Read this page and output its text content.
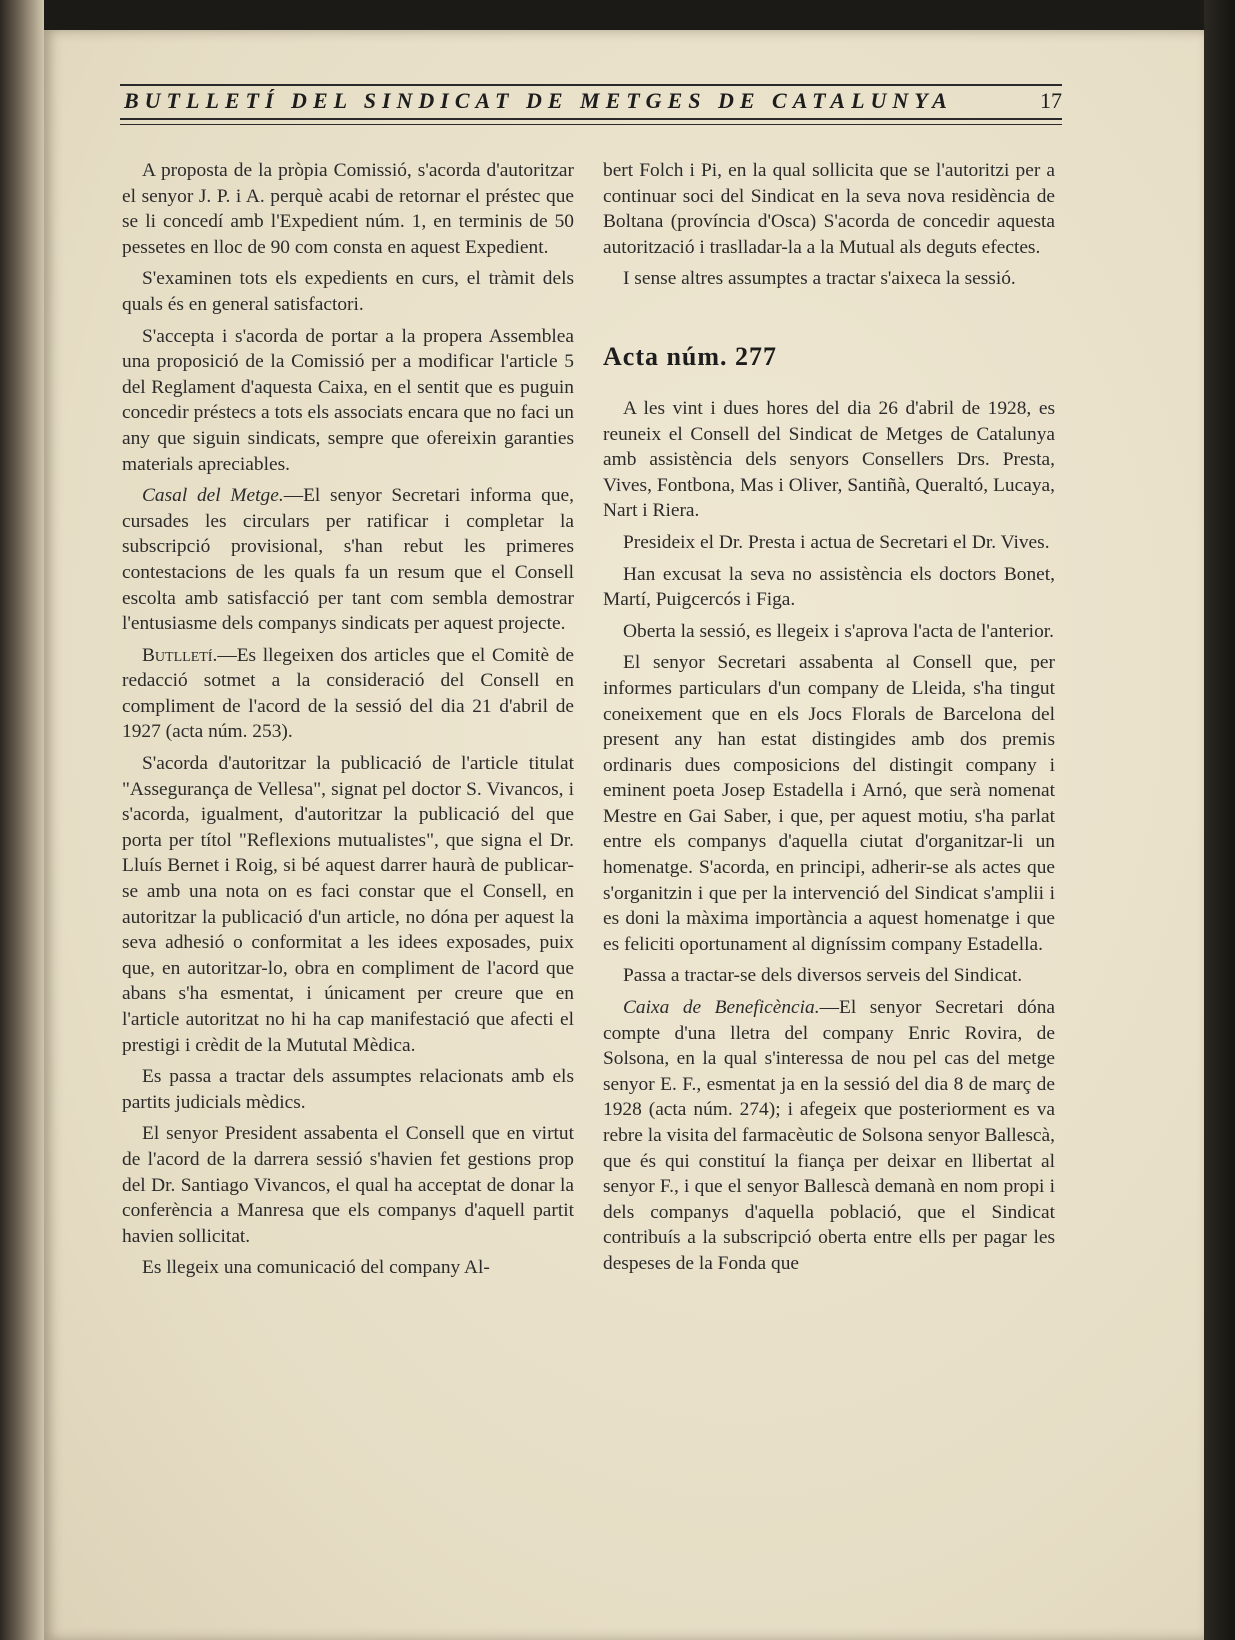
BUTLLETÍ DEL SINDICAT DE METGES DE CATALUNYA	17

A proposta de la pròpia Comissió, s'acorda d'autoritzar el senyor J. P. i A. perquè acabi de retornar el préstec que se li concedí amb l'Expedient núm. 1, en terminis de 50 pessetes en lloc de 90 com consta en aquest Expedient.

S'examinen tots els expedients en curs, el tràmit dels quals és en general satisfactori.

S'accepta i s'acorda de portar a la propera Assemblea una proposició de la Comissió per a modificar l'article 5 del Reglament d'aquesta Caixa, en el sentit que es puguin concedir préstecs a tots els associats encara que no faci un any que siguin sindicats, sempre que ofereixin garanties materials apreciables.

Casal del Metge.—El senyor Secretari informa que, cursades les circulars per ratificar i completar la subscripció provisional, s'han rebut les primeres contestacions de les quals fa un resum que el Consell escolta amb satisfacció per tant com sembla demostrar l'entusiasme dels companys sindicats per aquest projecte.

Butlletí.—Es llegeixen dos articles que el Comitè de redacció sotmet a la consideració del Consell en compliment de l'acord de la sessió del dia 21 d'abril de 1927 (acta núm. 253).

S'acorda d'autoritzar la publicació de l'article titulat "Assegurança de Vellesa", signat pel doctor S. Vivancos, i s'acorda, igualment, d'autoritzar la publicació del que porta per títol "Reflexions mutualistes", que signa el Dr. Lluís Bernet i Roig, si bé aquest darrer haurà de publicar-se amb una nota on es faci constar que el Consell, en autoritzar la publicació d'un article, no dóna per aquest la seva adhesió o conformitat a les idees exposades, puix que, en autoritzar-lo, obra en compliment de l'acord que abans s'ha esmentat, i únicament per creure que en l'article autoritzat no hi ha cap manifestació que afecti el prestigi i crèdit de la Mututal Mèdica.

Es passa a tractar dels assumptes relacionats amb els partits judicials mèdics.

El senyor President assabenta el Consell que en virtut de l'acord de la darrera sessió s'havien fet gestions prop del Dr. Santiago Vivancos, el qual ha acceptat de donar la conferència a Manresa que els companys d'aquell partit havien sollicitat.

Es llegeix una comunicació del company Al-

bert Folch i Pi, en la qual sollicita que se l'autoritzi per a continuar soci del Sindicat en la seva nova residència de Boltana (província d'Osca) S'acorda de concedir aquesta autorització i traslladar-la a la Mutual als deguts efectes.

I sense altres assumptes a tractar s'aixeca la sessió.

Acta núm. 277

A les vint i dues hores del dia 26 d'abril de 1928, es reuneix el Consell del Sindicat de Metges de Catalunya amb assistència dels senyors Consellers Drs. Presta, Vives, Fontbona, Mas i Oliver, Santiñà, Queraltó, Lucaya, Nart i Riera.

Presideix el Dr. Presta i actua de Secretari el Dr. Vives.

Han excusat la seva no assistència els doctors Bonet, Martí, Puigcercós i Figa.

Oberta la sessió, es llegeix i s'aprova l'acta de l'anterior.

El senyor Secretari assabenta al Consell que, per informes particulars d'un company de Lleida, s'ha tingut coneixement que en els Jocs Florals de Barcelona del present any han estat distingides amb dos premis ordinaris dues composicions del distingit company i eminent poeta Josep Estadella i Arnó, que serà nomenat Mestre en Gai Saber, i que, per aquest motiu, s'ha parlat entre els companys d'aquella ciutat d'organitzar-li un homenatge. S'acorda, en principi, adherir-se als actes que s'organitzin i que per la intervenció del Sindicat s'amplii i es doni la màxima importància a aquest homenatge i que es feliciti oportunament al digníssim company Estadella.

Passa a tractar-se dels diversos serveis del Sindicat.

Caixa de Beneficència.—El senyor Secretari dóna compte d'una lletra del company Enric Rovira, de Solsona, en la qual s'interessa de nou pel cas del metge senyor E. F., esmentat ja en la sessió del dia 8 de març de 1928 (acta núm. 274); i afegeix que posteriorment es va rebre la visita del farmacèutic de Solsona senyor Ballescà, que és qui constituí la fiança per deixar en llibertat al senyor F., i que el senyor Ballescà demanà en nom propi i dels companys d'aquella població, que el Sindicat contribuís a la subscripció oberta entre ells per pagar les despeses de la Fonda que
